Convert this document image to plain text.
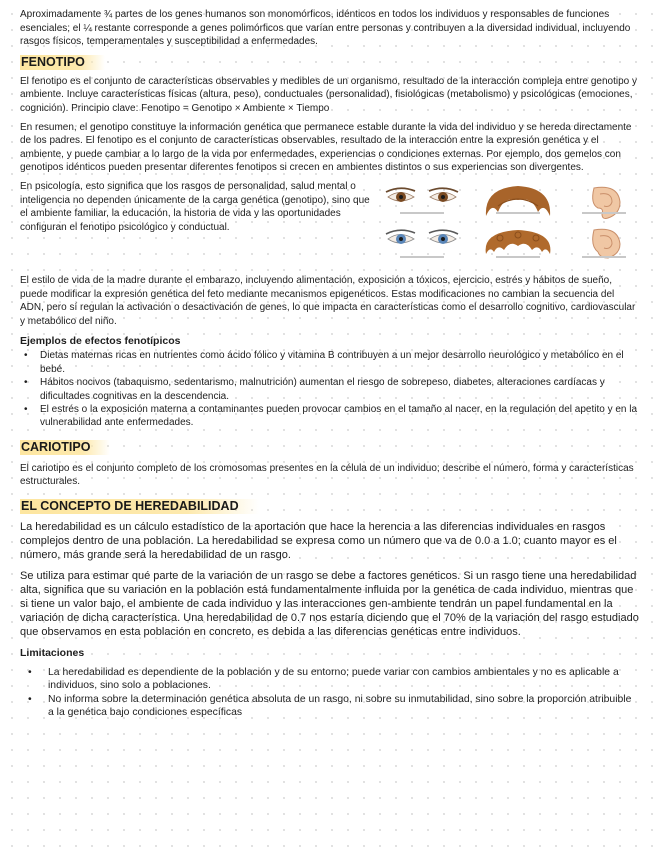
Aproximadamente ¾ partes de los genes humanos son monomórficos, idénticos en todos los individuos y responsables de funciones esenciales; el ¼ restante corresponde a genes polimórficos que varían entre personas y contribuyen a la diversidad individual, incluyendo rasgos físicos, temperamentales y susceptibilidad a enfermedades.

FENOTIPO

El fenotipo es el conjunto de características observables y medibles de un organismo, resultado de la interacción compleja entre genotipo y ambiente. Incluye características físicas (altura, peso), conductuales (personalidad), fisiológicas (metabolismo) y psicológicas (emociones, cognición). Principio clave: Fenotipo = Genotipo × Ambiente × Tiempo

En resumen, el genotipo constituye la información genética que permanece estable durante la vida del individuo y se hereda directamente de los padres. El fenotipo es el conjunto de características observables, resultado de la interacción entre la expresión genética y el ambiente, y puede cambiar a lo largo de la vida por enfermedades, experiencias o condiciones externas. Por ejemplo, dos gemelos con genotipos idénticos pueden presentar diferentes fenotipos si crecen en ambientes distintos o sus experiencias son divergentes.

En psicología, esto significa que los rasgos de personalidad, salud mental o inteligencia no dependen únicamente de la carga genética (genotipo), sino que el ambiente familiar, la educación, la historia de vida y las oportunidades configuran el fenotipo psicológico y conductual.

El estilo de vida de la madre durante el embarazo, incluyendo alimentación, exposición a tóxicos, ejercicio, estrés y hábitos de sueño, puede modificar la expresión genética del feto mediante mecanismos epigenéticos. Estas modificaciones no cambian la secuencia del ADN, pero sí regulan la activación o desactivación de genes, lo que impacta en características como el desarrollo cognitivo, cardiovascular y metabólico del niño.

Ejemplos de efectos fenotípicos

• Dietas maternas ricas en nutrientes como ácido fólico y vitamina B contribuyen a un mejor desarrollo neurológico y metabólico en el bebé.
• Hábitos nocivos (tabaquismo, sedentarismo, malnutrición) aumentan el riesgo de sobrepeso, diabetes, alteraciones cardíacas y dificultades cognitivas en la descendencia.
• El estrés o la exposición materna a contaminantes pueden provocar cambios en el tamaño al nacer, en la regulación del apetito y en la vulnerabilidad ante enfermedades.
CARIOTIPO

El cariotipo es el conjunto completo de los cromosomas presentes en la célula de un individuo; describe el número, forma y características estructurales.

EL CONCEPTO DE HEREDABILIDAD

La heredabilidad es un cálculo estadístico de la aportación que hace la herencia a las diferencias individuales en rasgos complejos dentro de una población. La heredabilidad se expresa como un número que va de 0.0 a 1.0; cuanto mayor es el número, más grande será la heredabilidad de un rasgo.

Se utiliza para estimar qué parte de la variación de un rasgo se debe a factores genéticos. Si un rasgo tiene una heredabilidad alta, significa que su variación en la población está fundamentalmente influida por la genética de cada individuo, mientras que si tiene un valor bajo, el ambiente de cada individuo y las interacciones gen-ambiente tendrán un papel fundamental en la variación de dicha característica. Una heredabilidad de 0.7 nos estaría diciendo que el 70% de la variación del rasgo estudiado que observamos en esta población en concreto, es debida a las diferencias genéticas entre individuos.

Limitaciones

• La heredabilidad es dependiente de la población y de su entorno; puede variar con cambios ambientales y no es aplicable a individuos, sino solo a poblaciones.
• No informa sobre la determinación genética absoluta de un rasgo, ni sobre su inmutabilidad, sino sobre la proporción atribuible a la genética bajo condiciones específicas
